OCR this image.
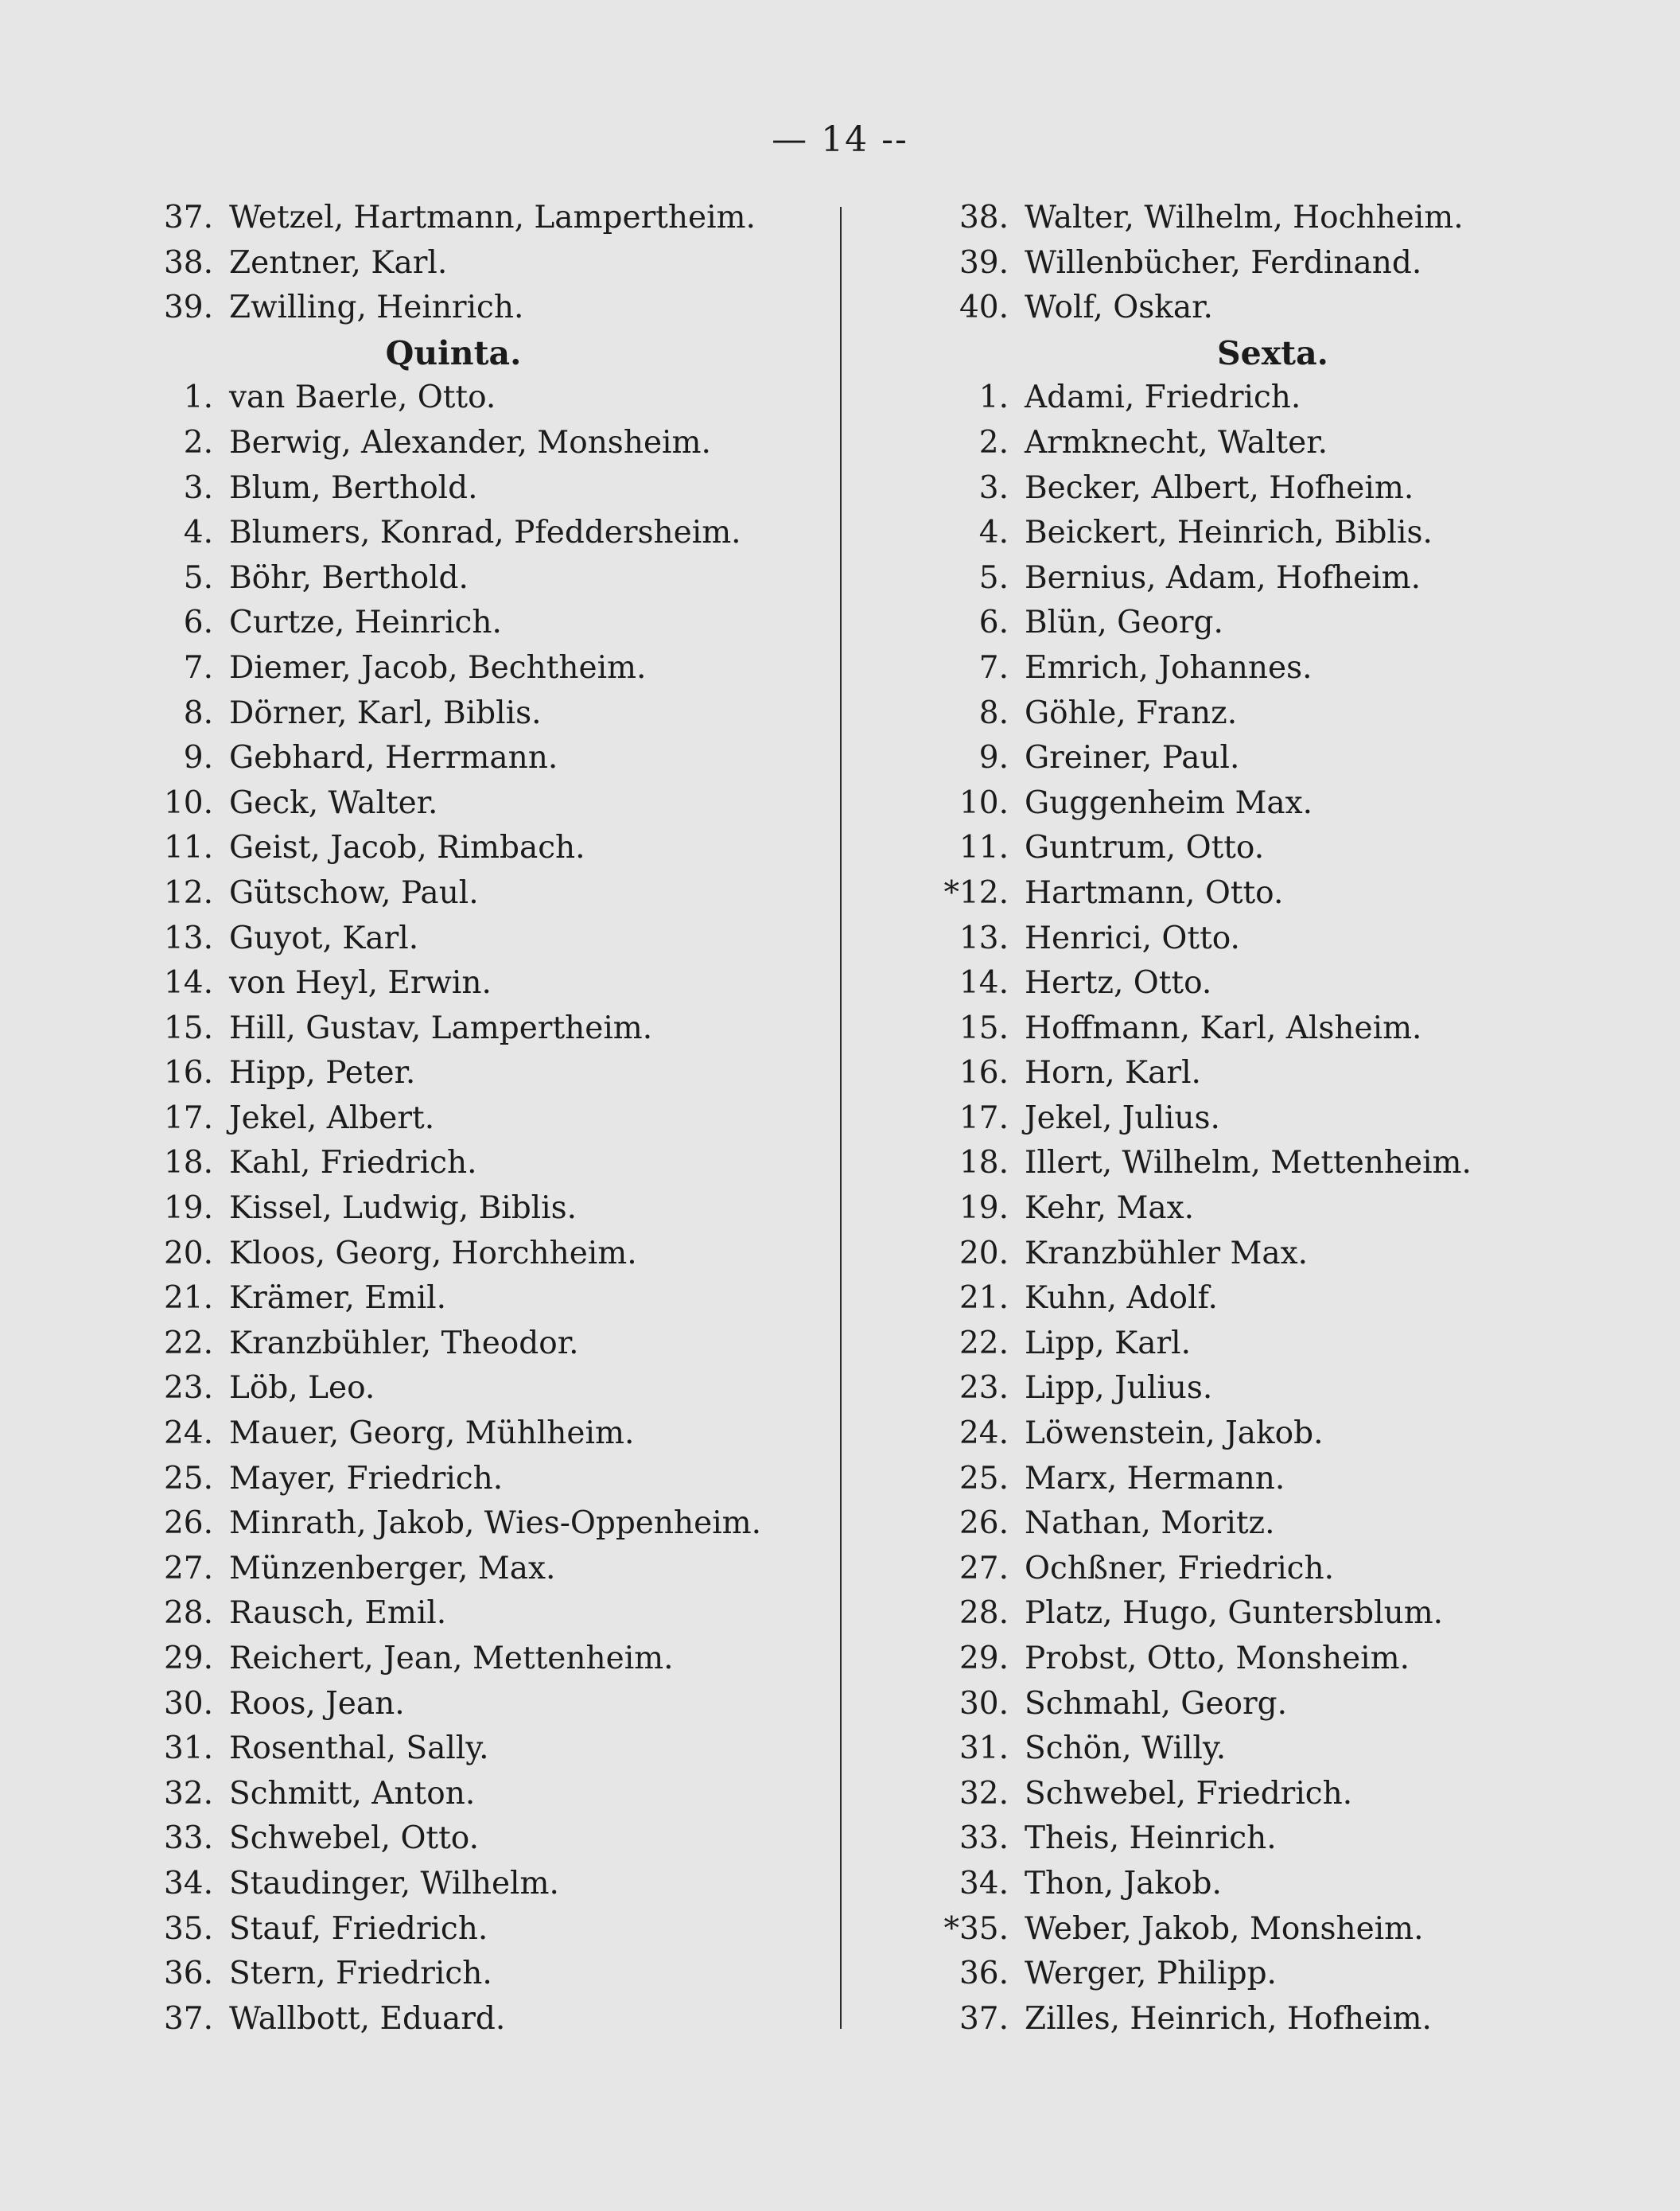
— 14 --
37. Wetzel, Hartmann, Lampertheim.
38. Zentner, Karl.
39. Zwilling, Heinrich.
Quinta.
1. van Baerle, Otto.
2. Berwig, Alexander, Monsheim.
3. Blum, Berthold.
4. Blumers, Konrad, Pfeddersheim.
5. Böhr, Berthold.
6. Curtze, Heinrich.
7. Diemer, Jacob, Bechtheim.
8. Dörner, Karl, Biblis.
9. Gebhard, Herrmann.
10. Geck, Walter.
11. Geist, Jacob, Rimbach.
12. Gütschow, Paul.
13. Guyot, Karl.
14. von Heyl, Erwin.
15. Hill, Gustav, Lampertheim.
16. Hipp, Peter.
17. Jekel, Albert.
18. Kahl, Friedrich.
19. Kissel, Ludwig, Biblis.
20. Kloos, Georg, Horchheim.
21. Krämer, Emil.
22. Kranzbühler, Theodor.
23. Löb, Leo.
24. Mauer, Georg, Mühlheim.
25. Mayer, Friedrich.
26. Minrath, Jakob, Wies-Oppenheim.
27. Münzenberger, Max.
28. Rausch, Emil.
29. Reichert, Jean, Mettenheim.
30. Roos, Jean.
31. Rosenthal, Sally.
32. Schmitt, Anton.
33. Schwebel, Otto.
34. Staudinger, Wilhelm.
35. Stauf, Friedrich.
36. Stern, Friedrich.
37. Wallbott, Eduard.
38. Walter, Wilhelm, Hochheim.
39. Willenbücher, Ferdinand.
40. Wolf, Oskar.
Sexta.
1. Adami, Friedrich.
2. Armknecht, Walter.
3. Becker, Albert, Hofheim.
4. Beickert, Heinrich, Biblis.
5. Bernius, Adam, Hofheim.
6. Blün, Georg.
7. Emrich, Johannes.
8. Göhle, Franz.
9. Greiner, Paul.
10. Guggenheim Max.
11. Guntrum, Otto.
*12. Hartmann, Otto.
13. Henrici, Otto.
14. Hertz, Otto.
15. Hoffmann, Karl, Alsheim.
16. Horn, Karl.
17. Jekel, Julius.
18. Illert, Wilhelm, Mettenheim.
19. Kehr, Max.
20. Kranzbühler Max.
21. Kuhn, Adolf.
22. Lipp, Karl.
23. Lipp, Julius.
24. Löwenstein, Jakob.
25. Marx, Hermann.
26. Nathan, Moritz.
27. Ochßner, Friedrich.
28. Platz, Hugo, Guntersblum.
29. Probst, Otto, Monsheim.
30. Schmahl, Georg.
31. Schön, Willy.
32. Schwebel, Friedrich.
33. Theis, Heinrich.
34. Thon, Jakob.
*35. Weber, Jakob, Monsheim.
36. Werger, Philipp.
37. Zilles, Heinrich, Hofheim.
